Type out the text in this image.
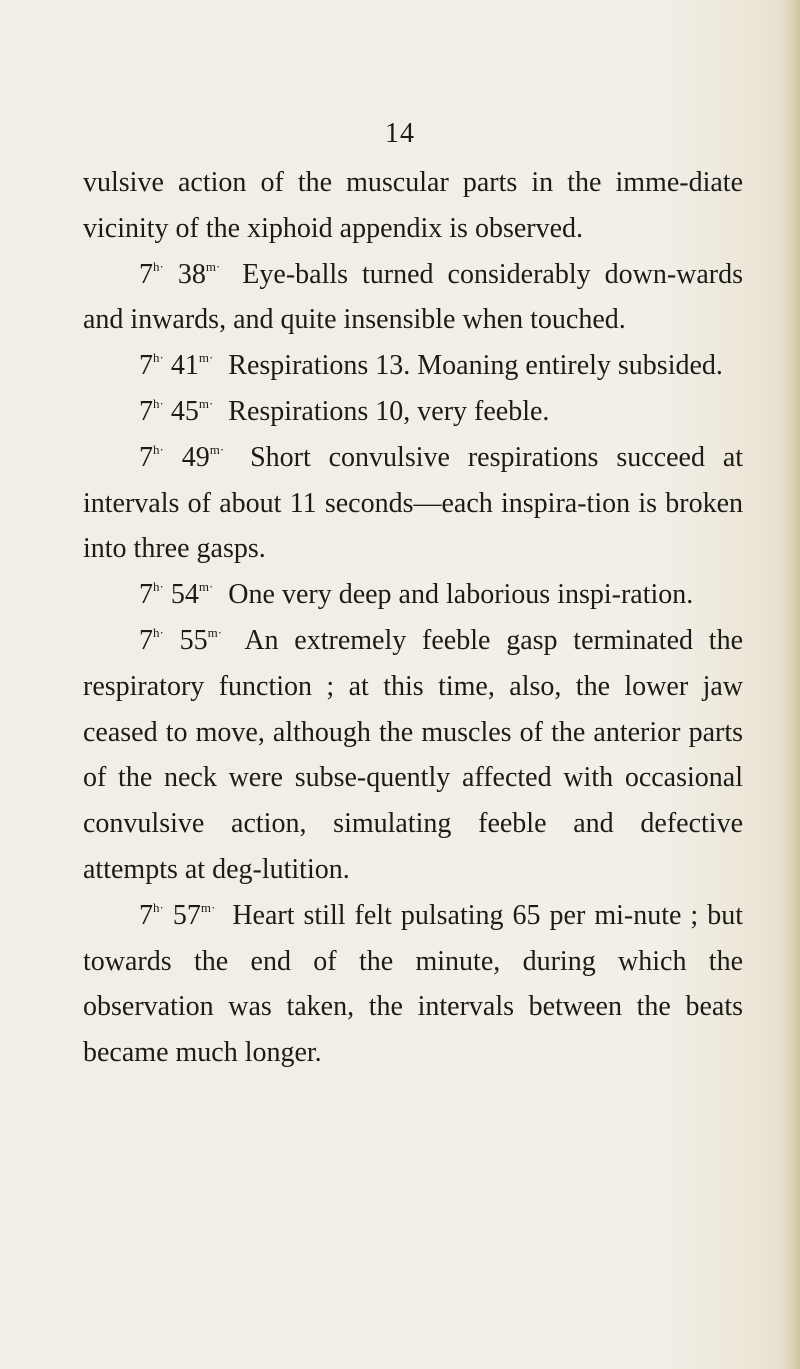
14

vulsive action of the muscular parts in the imme-diate vicinity of the xiphoid appendix is observed.

$7^{h\cdot}$ $38^{m\cdot}$ Eye-balls turned considerably down-wards and inwards, and quite insensible when touched.

$7^{h\cdot}$ $41^{m\cdot}$ Respirations 13. Moaning entirely subsided.

$7^{h\cdot}$ $45^{m\cdot}$ Respirations 10, very feeble.

$7^{h\cdot}$ $49^{m\cdot}$ Short convulsive respirations succeed at intervals of about 11 seconds—each inspira-tion is broken into three gasps.

$7^{h\cdot}$ $54^{m\cdot}$ One very deep and laborious inspi-ration.

$7^{h\cdot}$ $55^{m\cdot}$ An extremely feeble gasp terminated the respiratory function ; at this time, also, the lower jaw ceased to move, although the muscles of the anterior parts of the neck were subse-quently affected with occasional convulsive action, simulating feeble and defective attempts at deg-lutition.

$7^{h\cdot}$ $57^{m\cdot}$ Heart still felt pulsating 65 per mi-nute ; but towards the end of the minute, during which the observation was taken, the intervals between the beats became much longer.
